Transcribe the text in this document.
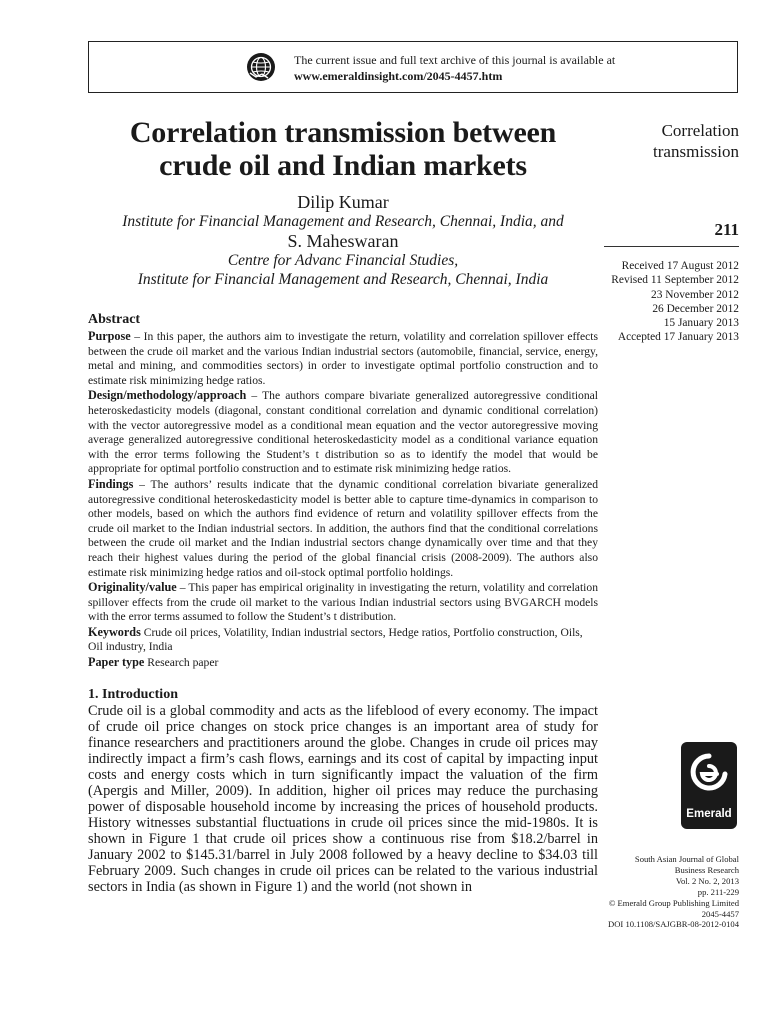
The current issue and full text archive of this journal is available at
www.emeraldinsight.com/2045-4457.htm
Correlation transmission between
crude oil and Indian markets
Dilip Kumar
Institute for Financial Management and Research, Chennai, India, and
S. Maheswaran
Centre for Advanc Financial Studies,
Institute for Financial Management and Research, Chennai, India
Abstract

Purpose – In this paper, the authors aim to investigate the return, volatility and correlation spillover effects between the crude oil market and the various Indian industrial sectors (automobile, financial, service, energy, metal and mining, and commodities sectors) in order to investigate optimal portfolio construction and to estimate risk minimizing hedge ratios.

Design/methodology/approach – The authors compare bivariate generalized autoregressive conditional heteroskedasticity models (diagonal, constant conditional correlation and dynamic conditional correlation) with the vector autoregressive model as a conditional mean equation and the vector autoregressive moving average generalized autoregressive conditional heteroskedasticity model as a conditional variance equation with the error terms following the Student’s t distribution so as to identify the model that would be appropriate for optimal portfolio construction and to estimate risk minimizing hedge ratios.

Findings – The authors’ results indicate that the dynamic conditional correlation bivariate generalized autoregressive conditional heteroskedasticity model is better able to capture time-dynamics in comparison to other models, based on which the authors find evidence of return and volatility spillover effects from the crude oil market to the Indian industrial sectors. In addition, the authors find that the conditional correlations between the crude oil market and the Indian industrial sectors change dynamically over time and that they reach their highest values during the period of the global financial crisis (2008-2009). The authors also estimate risk minimizing hedge ratios and oil-stock optimal portfolio holdings.

Originality/value – This paper has empirical originality in investigating the return, volatility and correlation spillover effects from the crude oil market to the various Indian industrial sectors using BVGARCH models with the error terms assumed to follow the Student’s t distribution.

Keywords Crude oil prices, Volatility, Indian industrial sectors, Hedge ratios, Portfolio construction, Oils, Oil industry, India

Paper type Research paper

1. Introduction

Crude oil is a global commodity and acts as the lifeblood of every economy. The impact of crude oil price changes on stock price changes is an important area of study for finance researchers and practitioners around the globe. Changes in crude oil prices may indirectly impact a firm’s cash flows, earnings and its cost of capital by impacting input costs and energy costs which in turn significantly impact the valuation of the firm (Apergis and Miller, 2009). In addition, higher oil prices may reduce the purchasing power of disposable household income by increasing the prices of household products. History witnesses substantial fluctuations in crude oil prices since the mid-1980s. It is shown in Figure 1 that crude oil prices show a continuous rise from $18.2/barrel in January 2002 to $145.31/barrel in July 2008 followed by a heavy decline to $34.03 till February 2009. Such changes in crude oil prices can be related to the various industrial sectors in India (as shown in Figure 1) and the world (not shown in

Correlation
transmission
211
Received 17 August 2012
Revised 11 September 2012
23 November 2012
26 December 2012
15 January 2013
Accepted 17 January 2013
Emerald
South Asian Journal of Global
Business Research
Vol. 2 No. 2, 2013
pp. 211-229
© Emerald Group Publishing Limited
2045-4457
DOI 10.1108/SAJGBR-08-2012-0104
